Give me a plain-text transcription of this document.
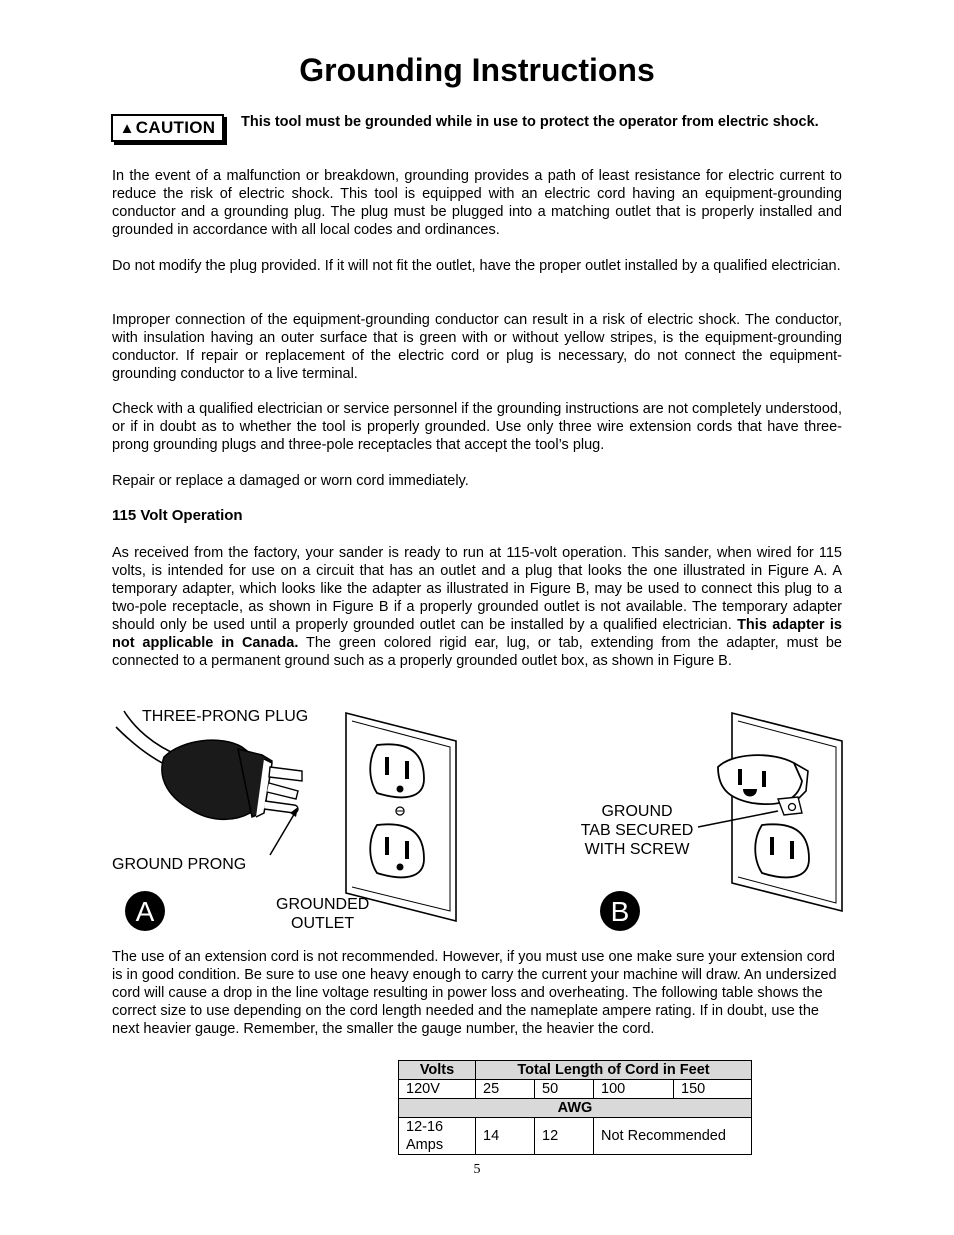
Grounding Instructions
▲ CAUTION This tool must be grounded while in use to protect the operator from electric shock.

In the event of a malfunction or breakdown, grounding provides a path of least resistance for electric current to reduce the risk of electric shock. This tool is equipped with an electric cord having an equipment-grounding conductor and a grounding plug. The plug must be plugged into a matching outlet that is properly installed and grounded in accordance with all local codes and ordinances.

Do not modify the plug provided. If it will not fit the outlet, have the proper outlet installed by a qualified electrician.

Improper connection of the equipment-grounding conductor can result in a risk of electric shock. The conductor, with insulation having an outer surface that is green with or without yellow stripes, is the equipment-grounding conductor. If repair or replacement of the electric cord or plug is necessary, do not connect the equipment-grounding conductor to a live terminal.

Check with a qualified electrician or service personnel if the grounding instructions are not completely understood, or if in doubt as to whether the tool is properly grounded. Use only three wire extension cords that have three-prong grounding plugs and three-pole receptacles that accept the tool’s plug.

Repair or replace a damaged or worn cord immediately.

115 Volt Operation

As received from the factory, your sander is ready to run at 115-volt operation. This sander, when wired for 115 volts, is intended for use on a circuit that has an outlet and a plug that looks the one illustrated in Figure A. A temporary adapter, which looks like the adapter as illustrated in Figure B, may be used to connect this plug to a two-pole receptacle, as shown in Figure B if a properly grounded outlet is not available. The temporary adapter should only be used until a properly grounded outlet can be installed by a qualified electrician. This adapter is not applicable in Canada. The green colored rigid ear, lug, or tab, extending from the adapter, must be connected to a permanent ground such as a properly grounded outlet box, as shown in Figure B.

THREE-PRONG PLUG
GROUND PRONG
GROUNDED
OUTLET
A
GROUND
TAB SECURED
WITH SCREW
B

The use of an extension cord is not recommended. However, if you must use one make sure your extension cord is in good condition. Be sure to use one heavy enough to carry the current your machine will draw. An undersized cord will cause a drop in the line voltage resulting in power loss and overheating. The following table shows the correct size to use depending on the cord length needed and the nameplate ampere rating. If in doubt, use the next heavier gauge. Remember, the smaller the gauge number, the heavier the cord.

Volts	Total Length of Cord in Feet			
120V	25	50	100	150
AWG				
12-16
Amps	14	12	Not Recommended	
5
